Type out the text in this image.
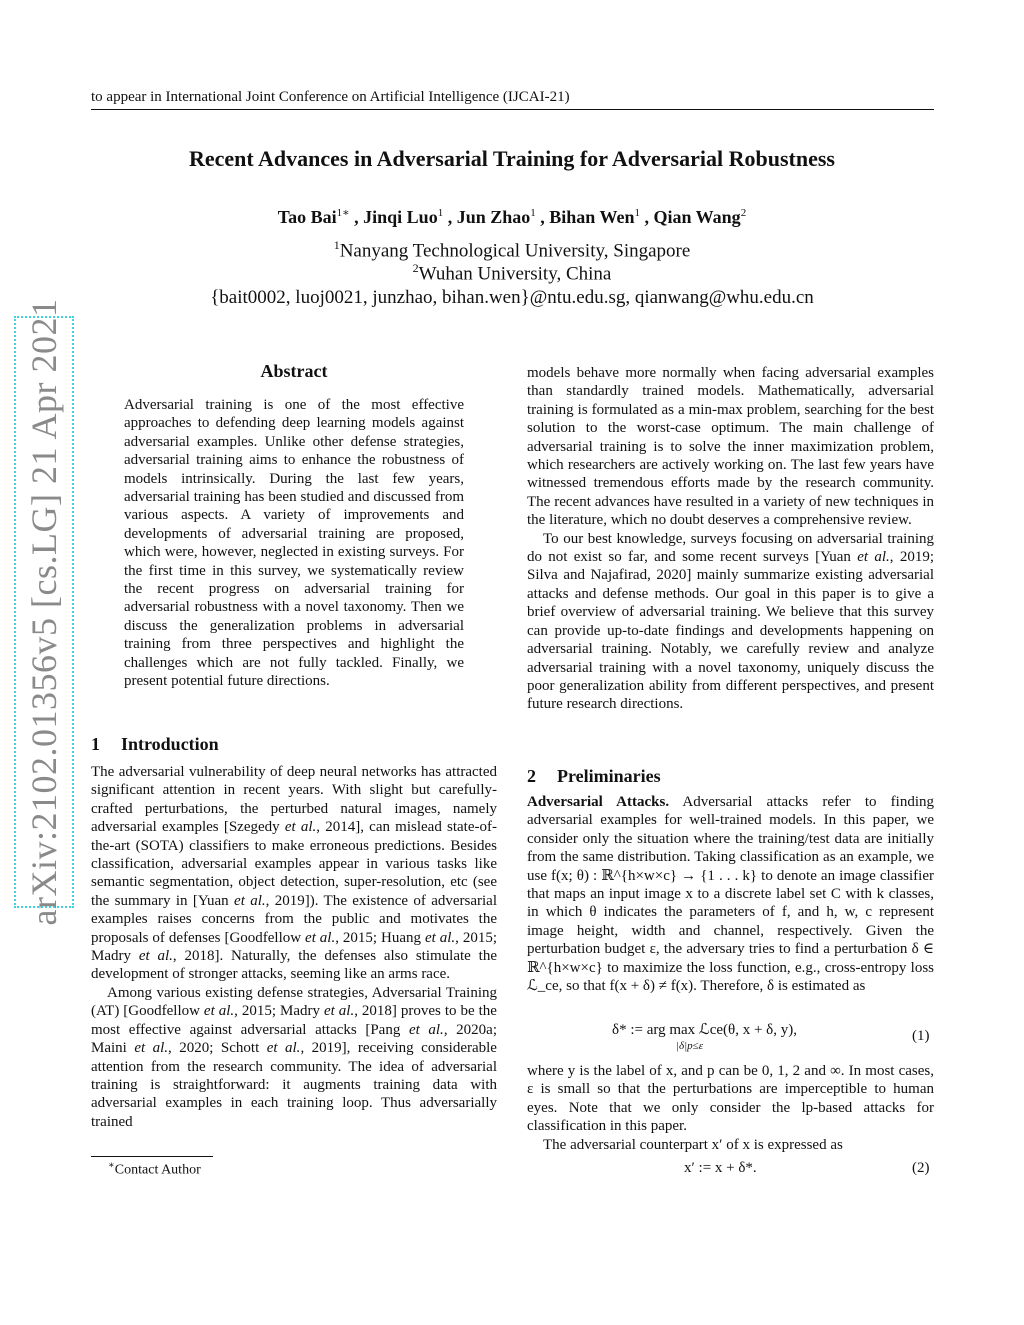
to appear in International Joint Conference on Artificial Intelligence (IJCAI-21)
Recent Advances in Adversarial Training for Adversarial Robustness
Tao Bai$^{1∗}$ , Jinqi Luo$^1$ , Jun Zhao$^1$ , Bihan Wen$^1$ , Qian Wang$^2$
$^1$Nanyang Technological University, Singapore
$^2$Wuhan University, China
{bait0002, luoj0021, junzhao, bihan.wen}@ntu.edu.sg, qianwang@whu.edu.cn
arXiv:2102.01356v5 [cs.LG] 21 Apr 2021	Abstract

Adversarial training is one of the most effective approaches to defending deep learning models against adversarial examples. Unlike other defense strategies, adversarial training aims to enhance the robustness of models intrinsically. During the last few years, adversarial training has been studied and discussed from various aspects. A variety of improvements and developments of adversarial training are proposed, which were, however, neglected in existing surveys. For the first time in this survey, we systematically review the recent progress on adversarial training for adversarial robustness with a novel taxonomy. Then we discuss the generalization problems in adversarial training from three perspectives and highlight the challenges which are not fully tackled. Finally, we present potential future directions.

1 Introduction

The adversarial vulnerability of deep neural networks has attracted significant attention in recent years. With slight but carefully-crafted perturbations, the perturbed natural images, namely adversarial examples [Szegedy et al., 2014], can mislead state-of-the-art (SOTA) classifiers to make erroneous predictions. Besides classification, adversarial examples appear in various tasks like semantic segmentation, object detection, super-resolution, etc (see the summary in [Yuan et al., 2019]). The existence of adversarial examples raises concerns from the public and motivates the proposals of defenses [Goodfellow et al., 2015; Huang et al., 2015; Madry et al., 2018]. Naturally, the defenses also stimulate the development of stronger attacks, seeming like an arms race.

Among various existing defense strategies, Adversarial Training (AT) [Goodfellow et al., 2015; Madry et al., 2018] proves to be the most effective against adversarial attacks [Pang et al., 2020a; Maini et al., 2020; Schott et al., 2019], receiving considerable attention from the research community. The idea of adversarial training is straightforward: it augments training data with adversarial examples in each training loop. Thus adversarially trained

∗Contact Author

models behave more normally when facing adversarial examples than standardly trained models. Mathematically, adversarial training is formulated as a min-max problem, searching for the best solution to the worst-case optimum. The main challenge of adversarial training is to solve the inner maximization problem, which researchers are actively working on. The last few years have witnessed tremendous efforts made by the research community. The recent advances have resulted in a variety of new techniques in the literature, which no doubt deserves a comprehensive review.

To our best knowledge, surveys focusing on adversarial training do not exist so far, and some recent surveys [Yuan et al., 2019; Silva and Najafirad, 2020] mainly summarize existing adversarial attacks and defense methods. Our goal in this paper is to give a brief overview of adversarial training. We believe that this survey can provide up-to-date findings and developments happening on adversarial training. Notably, we carefully review and analyze adversarial training with a novel taxonomy, uniquely discuss the poor generalization ability from different perspectives, and present future research directions.

2 Preliminaries

Adversarial Attacks. Adversarial attacks refer to finding adversarial examples for well-trained models. In this paper, we consider only the situation where the training/test data are initially from the same distribution. Taking classification as an example, we use f(x; θ) : ℝ^{h×w×c} → {1 . . . k} to denote an image classifier that maps an input image x to a discrete label set C with k classes, in which θ indicates the parameters of f, and h, w, c represent image height, width and channel, respectively. Given the perturbation budget ε, the adversary tries to find a perturbation δ ∈ ℝ^{h×w×c} to maximize the loss function, e.g., cross-entropy loss ℒ_ce, so that f(x + δ) ≠ f(x). Therefore, δ is estimated as

δ* := arg max ℒce(θ, x + δ, y),
|δ|p≤ε
(1)

where y is the label of x, and p can be 0, 1, 2 and ∞. In most cases, ε is small so that the perturbations are imperceptible to human eyes. Note that we only consider the lp-based attacks for classification in this paper.

The adversarial counterpart x′ of x is expressed as

x′ := x + δ*.	(2)
